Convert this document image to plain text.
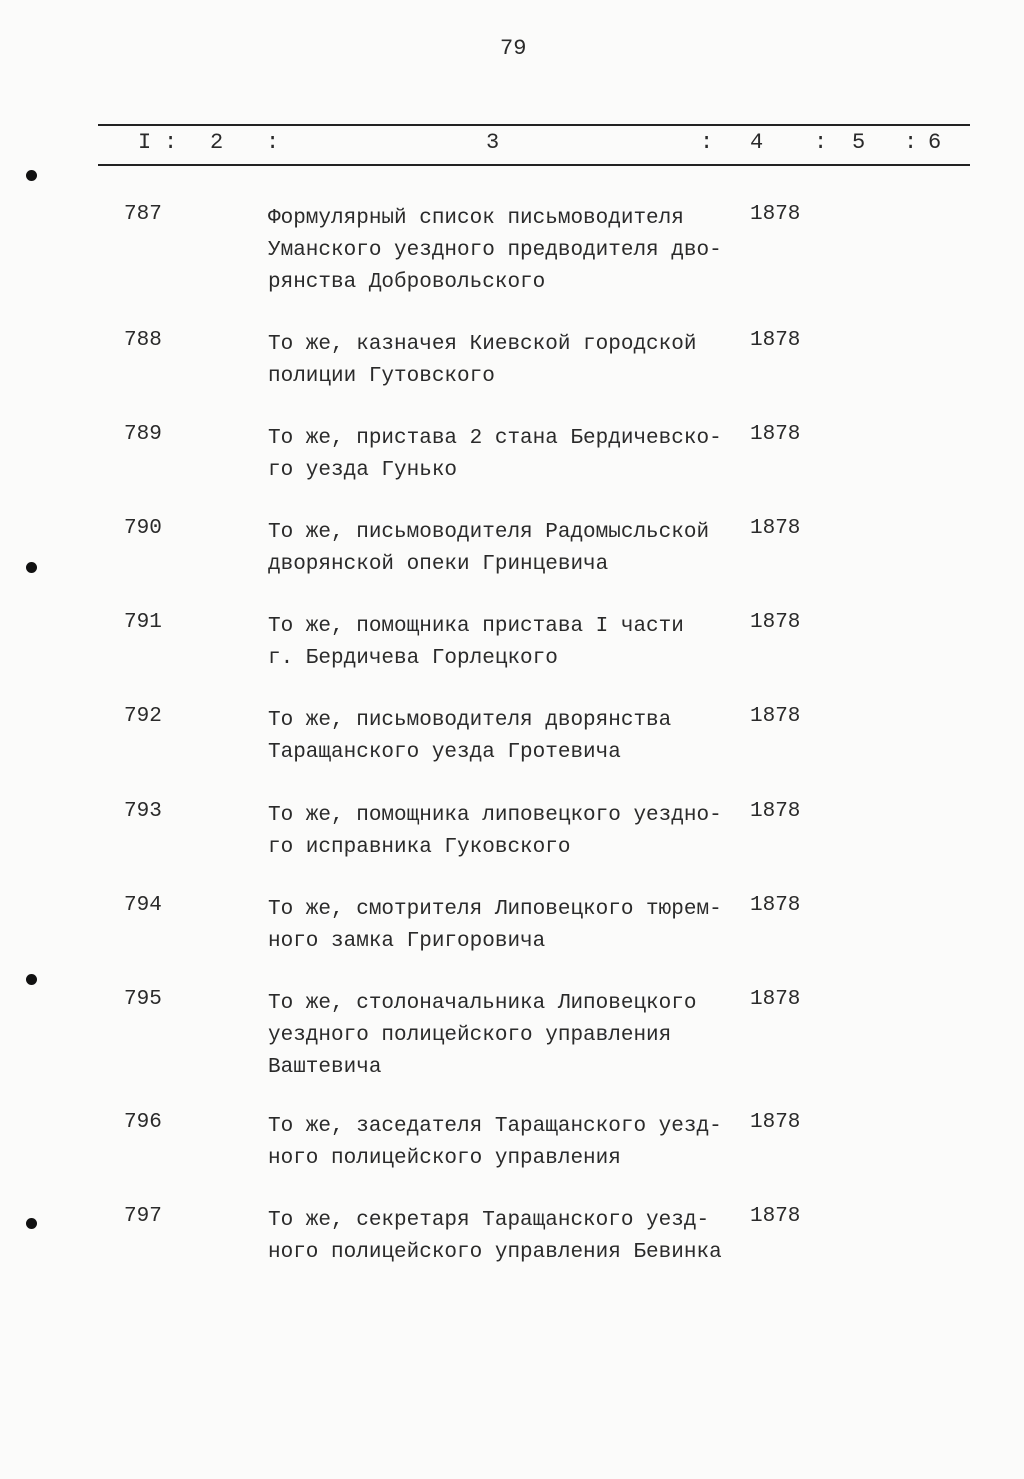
79
I : 2 :	3	: 4 : 5 : 6
787	Формулярный список письмоводителя
Уманского уездного предводителя дво-
рянства Добровольского
1878
788	То же, казначея Киевской городской
полиции Гутовского
1878
789	То же, пристава 2 стана Бердичевско-
го уезда Гунько
1878
790	То же, письмоводителя Радомысльской
дворянской опеки Гринцевича
1878
791	То же, помощника пристава I части
г. Бердичева Горлецкого
1878
792	То же, письмоводителя дворянства
Таращанского уезда Гротевича
1878
793	То же, помощника липовецкого уездно-
го исправника Гуковского
1878
794	То же, смотрителя Липовецкого тюрем-
ного замка Григоровича
1878
795	То же, столоначальника Липовецкого
уездного полицейского управления
Ваштевича
1878
796	То же, заседателя Таращанского уезд-
ного полицейского управления
1878
797	То же, секретаря Таращанского уезд-
ного полицейского управления Бевинка
1878
